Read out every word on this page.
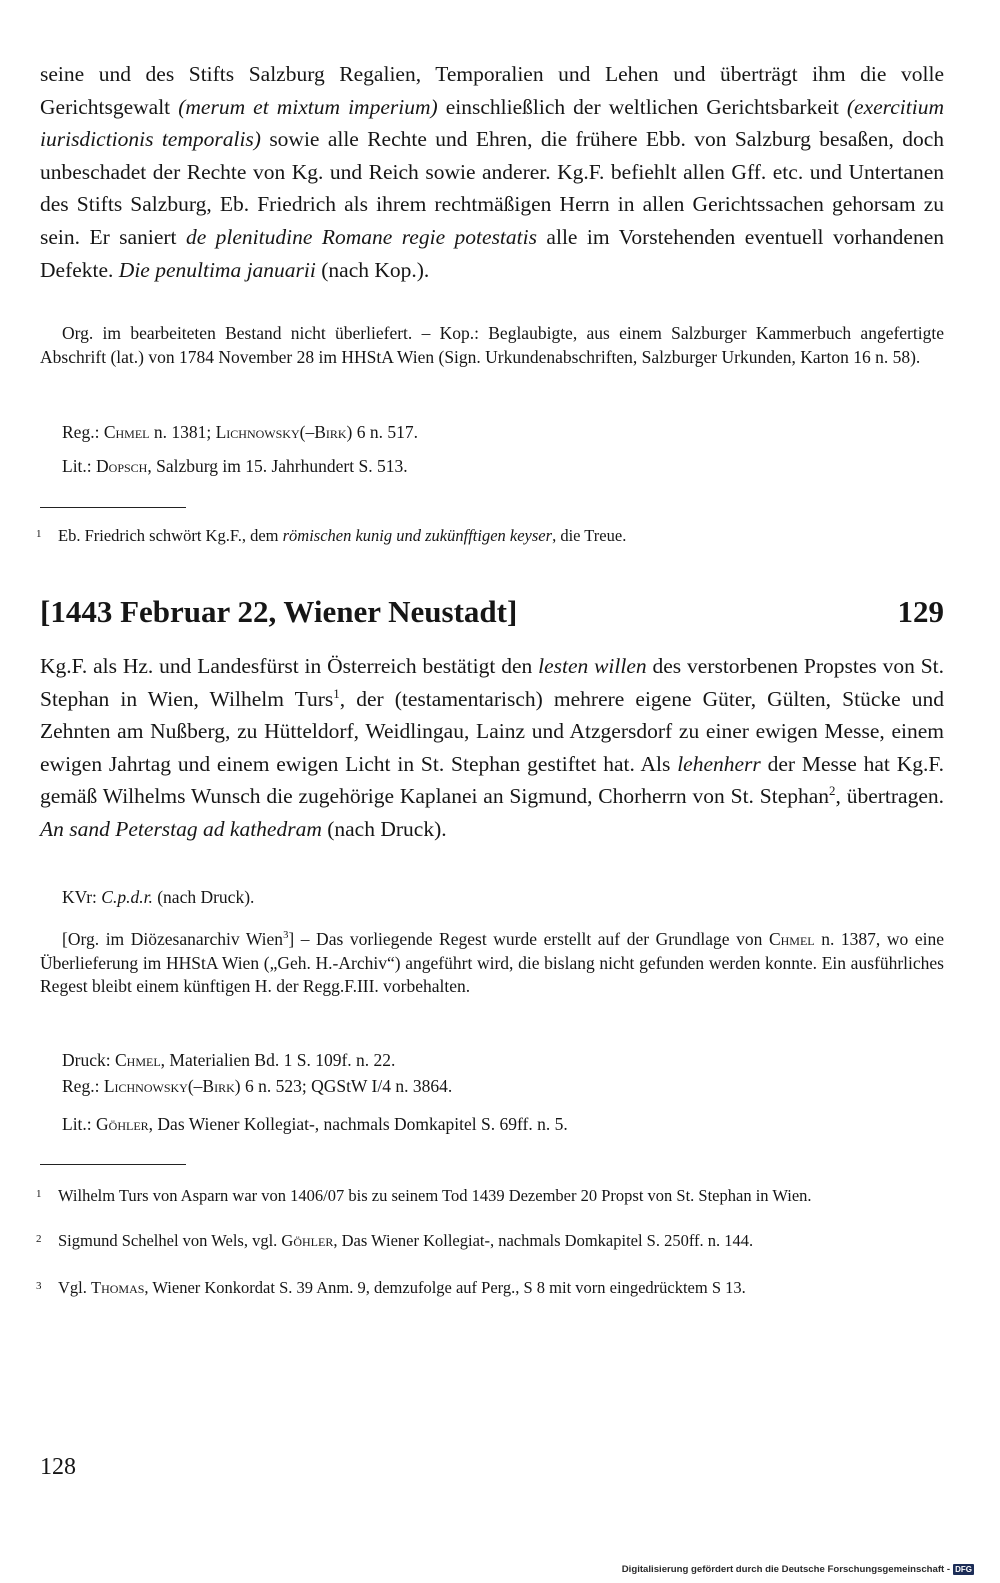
seine und des Stifts Salzburg Regalien, Temporalien und Lehen und überträgt ihm die volle Gerichtsgewalt (merum et mixtum imperium) einschließlich der weltlichen Gerichtsbarkeit (exercitium iurisdictionis temporalis) sowie alle Rechte und Ehren, die frühere Ebb. von Salzburg besaßen, doch unbeschadet der Rechte von Kg. und Reich sowie anderer. Kg.F. befiehlt allen Gff. etc. und Untertanen des Stifts Salzburg, Eb. Friedrich als ihrem rechtmäßigen Herrn in allen Gerichtssachen gehorsam zu sein. Er saniert de plenitudine Romane regie potestatis alle im Vorstehenden eventuell vorhandenen Defekte. Die penultima januarii (nach Kop.).

Org. im bearbeiteten Bestand nicht überliefert. – Kop.: Beglaubigte, aus einem Salzburger Kammerbuch angefertigte Abschrift (lat.) von 1784 November 28 im HHStA Wien (Sign. Urkundenabschriften, Salzburger Urkunden, Karton 16 n. 58).

Reg.: Chmel n. 1381; Lichnowsky(–Birk) 6 n. 517.

Lit.: Dopsch, Salzburg im 15. Jahrhundert S. 513.

1 Eb. Friedrich schwört Kg.F., dem römischen kunig und zukünfftigen keyser, die Treue.

[1443 Februar 22, Wiener Neustadt]	129

Kg.F. als Hz. und Landesfürst in Österreich bestätigt den lesten willen des verstorbenen Propstes von St. Stephan in Wien, Wilhelm Turs$^1$, der (testamentarisch) mehrere eigene Güter, Gülten, Stücke und Zehnten am Nußberg, zu Hütteldorf, Weidlingau, Lainz und Atzgersdorf zu einer ewigen Messe, einem ewigen Jahrtag und einem ewigen Licht in St. Stephan gestiftet hat. Als lehenherr der Messe hat Kg.F. gemäß Wilhelms Wunsch die zugehörige Kaplanei an Sigmund, Chorherrn von St. Stephan$^2$, übertragen. An sand Peterstag ad kathedram (nach Druck).

KVr: C.p.d.r. (nach Druck).

[Org. im Diözesanarchiv Wien$^3$] – Das vorliegende Regest wurde erstellt auf der Grundlage von Chmel n. 1387, wo eine Überlieferung im HHStA Wien („Geh. H.-Archiv“) angeführt wird, die bislang nicht gefunden werden konnte. Ein ausführliches Regest bleibt einem künftigen H. der Regg.F.III. vorbehalten.

Druck: Chmel, Materialien Bd. 1 S. 109f. n. 22.

Reg.: Lichnowsky(–Birk) 6 n. 523; QGStW I/4 n. 3864.

Lit.: Göhler, Das Wiener Kollegiat-, nachmals Domkapitel S. 69ff. n. 5.

1 Wilhelm Turs von Asparn war von 1406/07 bis zu seinem Tod 1439 Dezember 20 Propst von St. Stephan in Wien.

2 Sigmund Schelhel von Wels, vgl. Göhler, Das Wiener Kollegiat-, nachmals Domkapitel S. 250ff. n. 144.

3 Vgl. Thomas, Wiener Konkordat S. 39 Anm. 9, demzufolge auf Perg., S 8 mit vorn eingedrücktem S 13.

128
Digitalisierung gefördert durch die Deutsche Forschungsgemeinschaft - DFG
